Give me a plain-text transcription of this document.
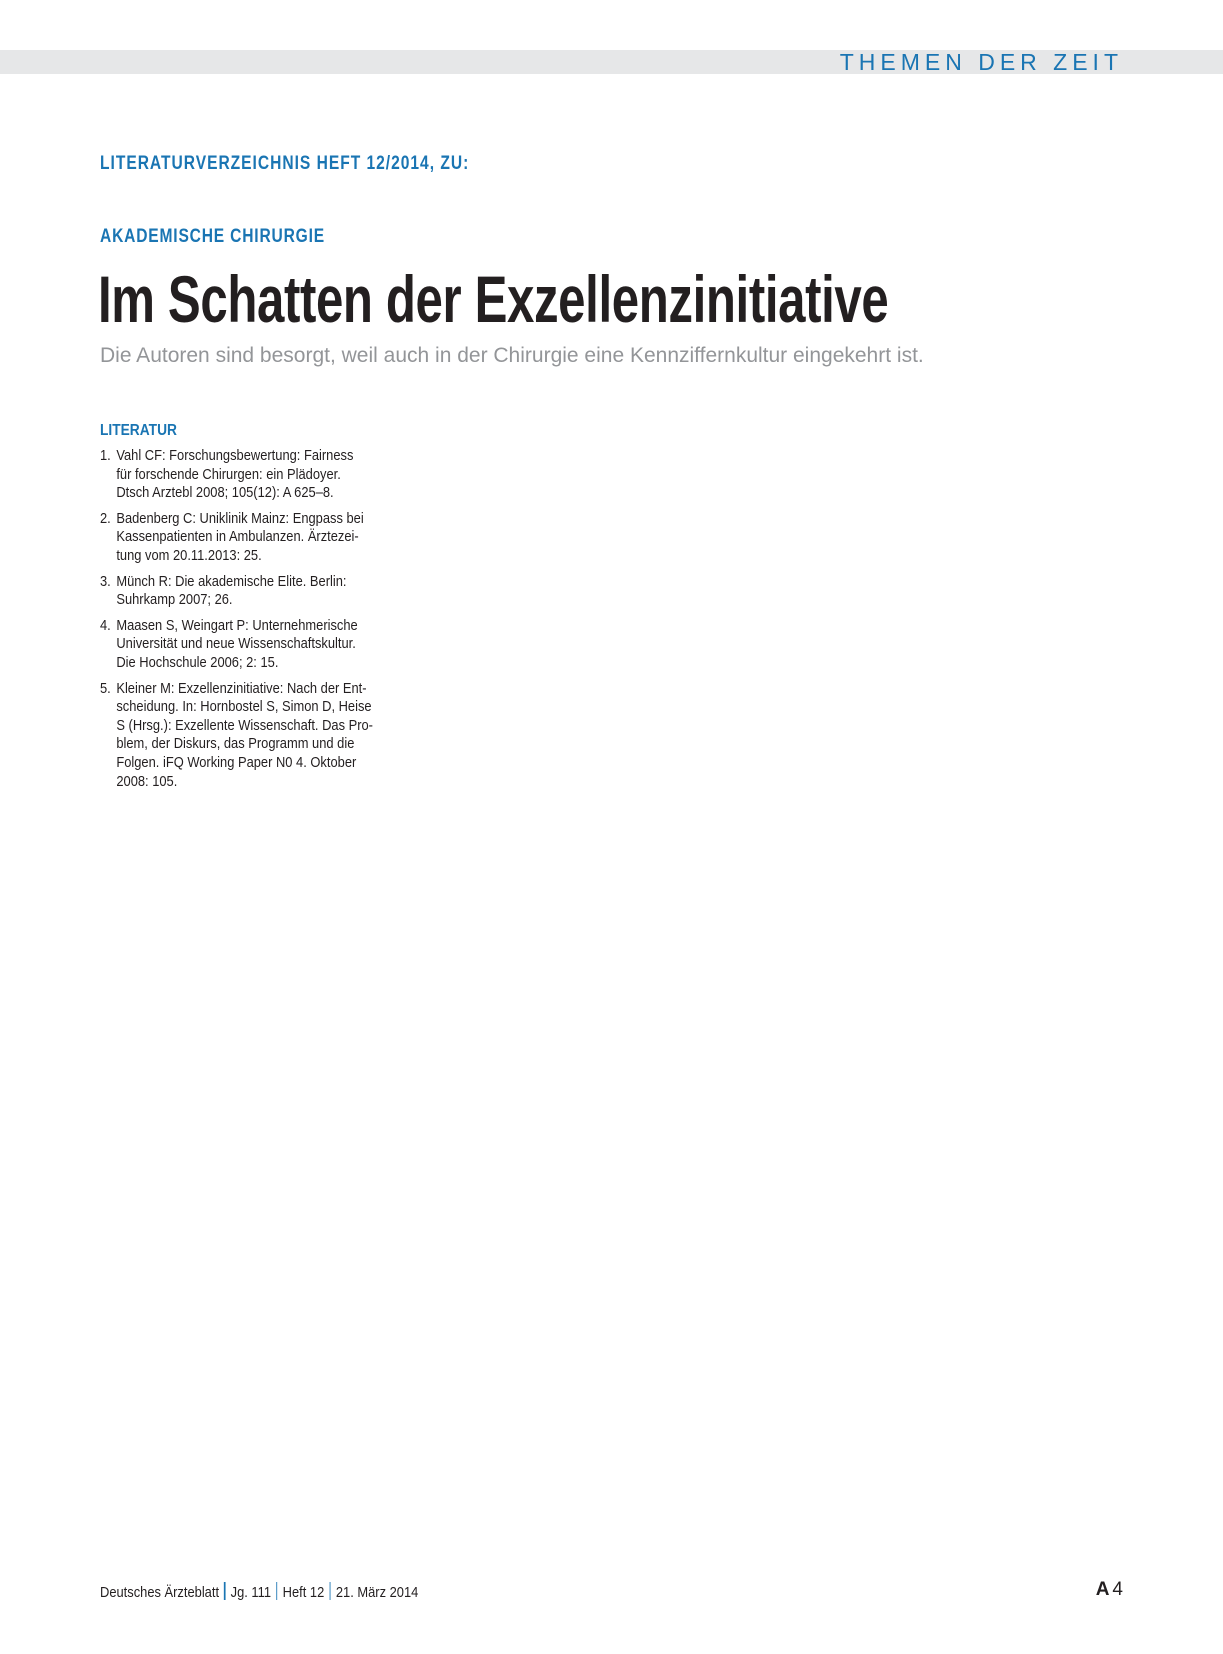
THEMEN DER ZEIT
LITERATURVERZEICHNIS HEFT 12/2014, ZU:
AKADEMISCHE CHIRURGIE
Im Schatten der Exzellenzinitiative
Die Autoren sind besorgt, weil auch in der Chirurgie eine Kennziffernkultur eingekehrt ist.
LITERATUR
1. Vahl CF: Forschungsbewertung: Fairness
für forschende Chirurgen: ein Plädoyer.
Dtsch Arztebl 2008; 105(12): A 625–8.
2. Badenberg C: Uniklinik Mainz: Engpass bei
Kassenpatienten in Ambulanzen. Ärztezei-
tung vom 20.11.2013: 25.
3. Münch R: Die akademische Elite. Berlin:
Suhrkamp 2007; 26.
4. Maasen S, Weingart P: Unternehmerische
Universität und neue Wissenschaftskultur.
Die Hochschule 2006; 2: 15.
5. Kleiner M: Exzellenzinitiative: Nach der Ent-
scheidung. In: Hornbostel S, Simon D, Heise
S (Hrsg.): Exzellente Wissenschaft. Das Pro-
blem, der Diskurs, das Programm und die
Folgen. iFQ Working Paper N0 4. Oktober
2008: 105.
Deutsches Ärzteblatt Jg. 111 Heft 12 21. März 2014	A 4
